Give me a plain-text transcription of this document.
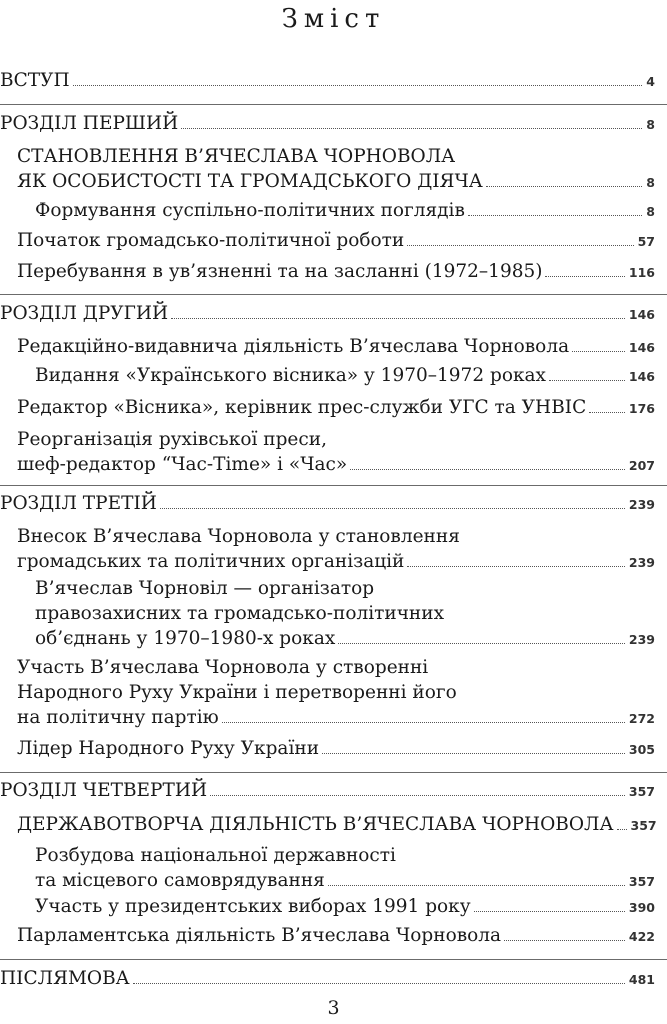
Зміст
ВСТУП	4
РОЗДІЛ ПЕРШИЙ	8
СТАНОВЛЕННЯ В’ЯЧЕСЛАВА ЧОРНОВОЛА
ЯК ОСОБИСТОСТІ ТА ГРОМАДСЬКОГО ДІЯЧА	8
Формування суспільно-політичних поглядів	8
Початок громадсько-політичної роботи	57
Перебування в ув’язненні та на засланні (1972–1985)	116
РОЗДІЛ ДРУГИЙ	146
Редакційно-видавнича діяльність В’ячеслава Чорновола	146
Видання «Українського вісника» у 1970–1972 роках	146
Редактор «Вісника», керівник прес-служби УГС та УНВІС	176
Реорганізація рухівської преси,
шеф-редактор “Час-Time» і «Час»	207
РОЗДІЛ ТРЕТІЙ	239
Внесок В’ячеслава Чорновола у становлення
громадських та політичних організацій	239
В’ячеслав Чорновіл — організатор
правозахисних та громадсько-політичних
об’єднань у 1970–1980-х роках	239
Участь В’ячеслава Чорновола у створенні
Народного Руху України і перетворенні його
на політичну партію	272
Лідер Народного Руху України	305
РОЗДІЛ ЧЕТВЕРТИЙ	357
ДЕРЖАВОТВОРЧА ДІЯЛЬНІСТЬ В’ЯЧЕСЛАВА ЧОРНОВОЛА 357
Розбудова національної державності
та місцевого самоврядування	357
Участь у президентських виборах 1991 року	390
Парламентська діяльність В’ячеслава Чорновола	422
ПІСЛЯМОВА	481
3
